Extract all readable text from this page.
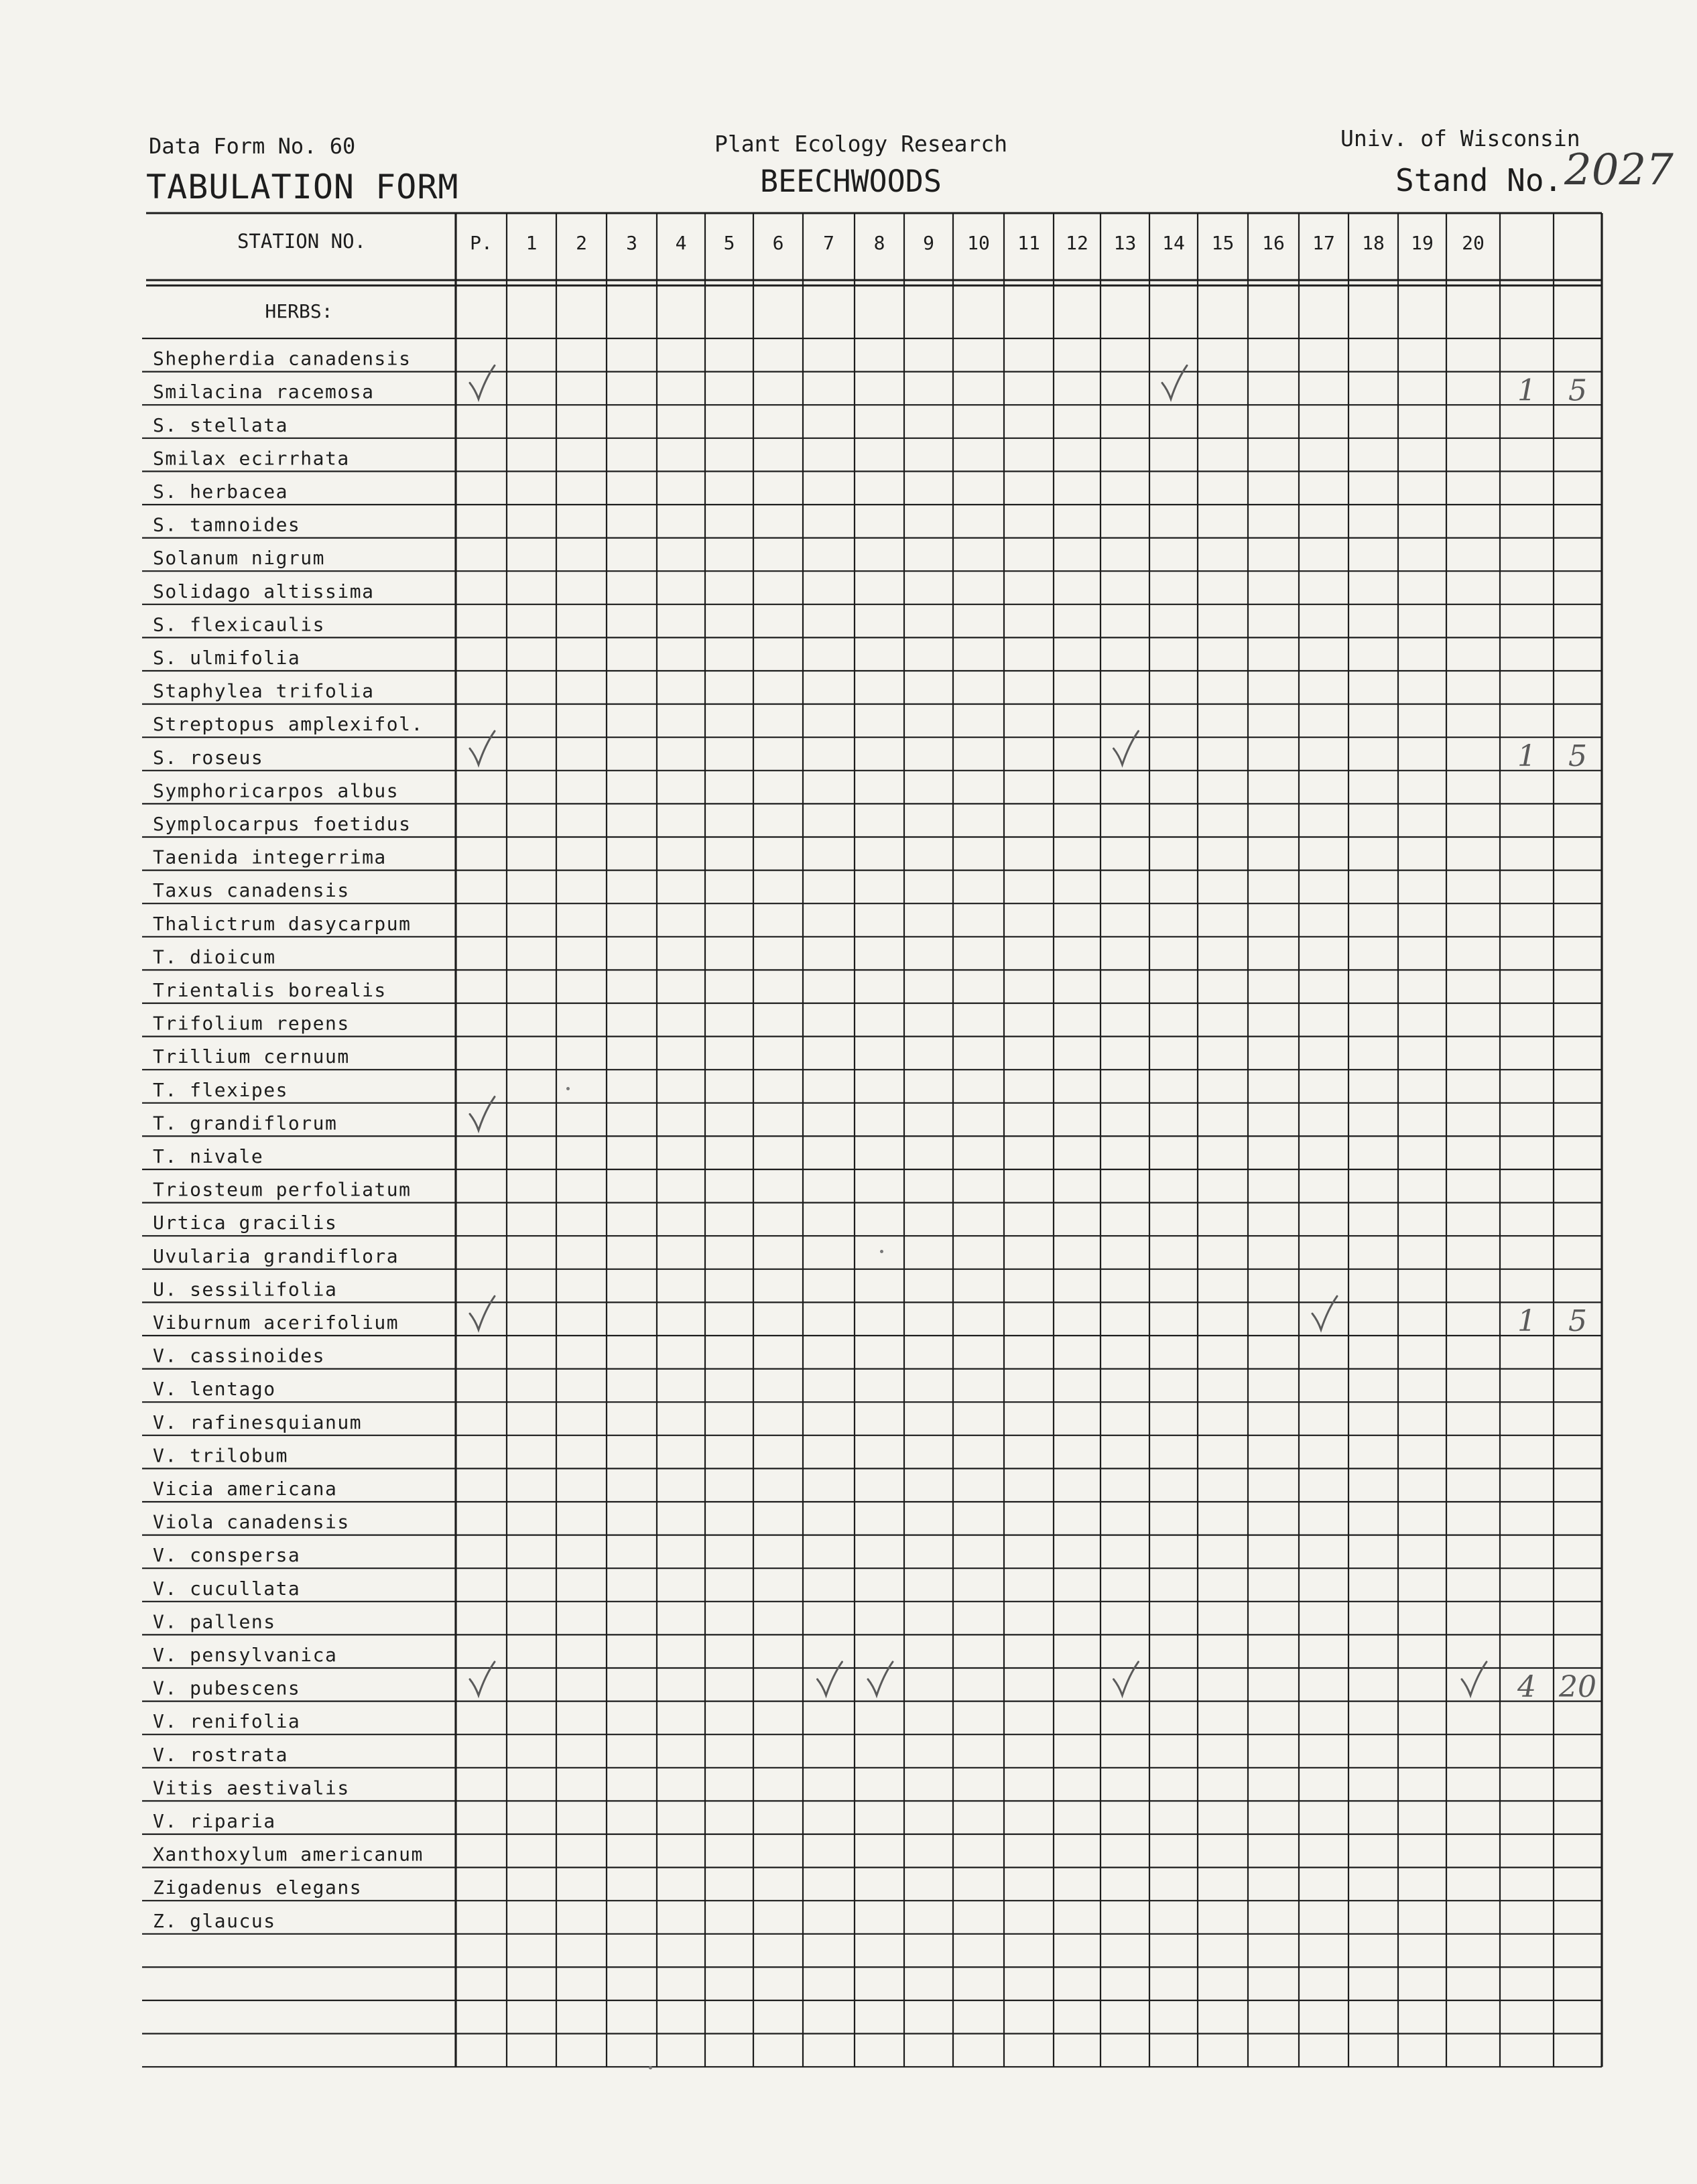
Data Form No. 60
TABULATION FORM
Plant Ecology Research
BEECHWOODS
Univ. of Wisconsin
Stand No. 2027
STATION NO.	P. 1 2 3 4 5 6 7 8 9 10 11 12 13 14 15 16 17 18 19 20
HERBS:
Shepherdia canadensis
Smilacina racemosa
S. stellata
Smilax ecirrhata
S. herbacea
S. tamnoides
Solanum nigrum
Solidago altissima
S. flexicaulis
S. ulmifolia
Staphylea trifolia
Streptopus amplexifol.
S. roseus
Symphoricarpos albus
Symplocarpus foetidus
Taenida integerrima
Taxus canadensis
Thalictrum dasycarpum
T. dioicum
Trientalis borealis
Trifolium repens
Trillium cernuum
T. flexipes
T. grandiflorum
T. nivale
Triosteum perfoliatum
Urtica gracilis
Uvularia grandiflora
U. sessilifolia
Viburnum acerifolium
V. cassinoides
V. lentago
V. rafinesquianum
V. trilobum
Vicia americana
Viola canadensis
V. conspersa
V. cucullata
V. pallens
V. pensylvanica
V. pubescens
V. renifolia
V. rostrata
Vitis aestivalis
V. riparia
Xanthoxylum americanum
Zigadenus elegans
Z. glaucus
1 5
1 5
1 5
4 20
